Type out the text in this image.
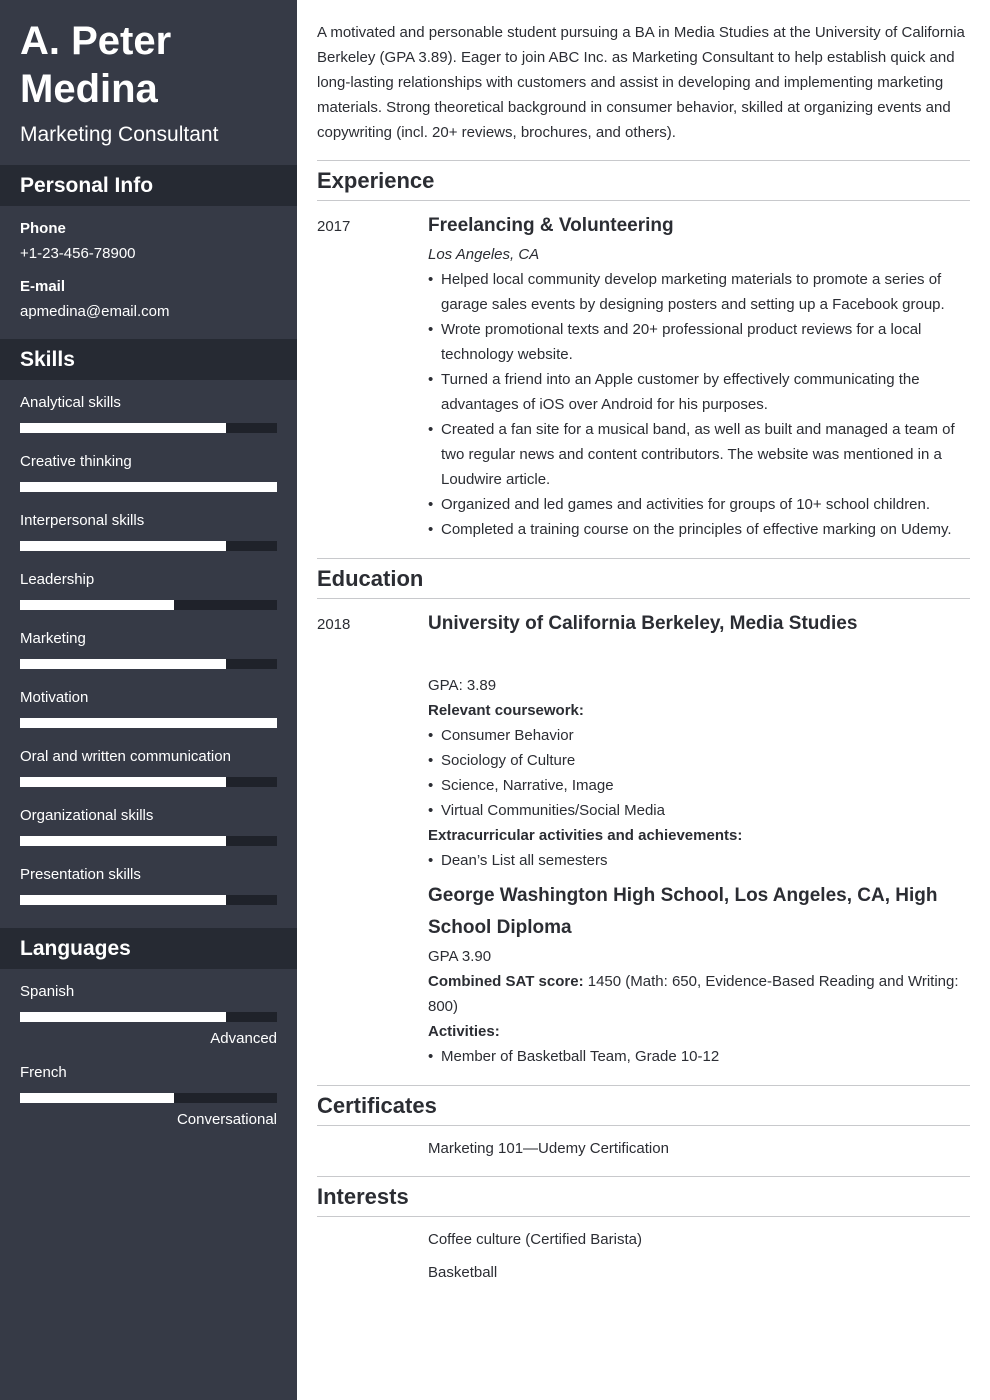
A. Peter Medina
Marketing Consultant
Personal Info
Phone
+1-23-456-78900
E-mail
apmedina@email.com
Skills
Analytical skills
Creative thinking
Interpersonal skills
Leadership
Marketing
Motivation
Oral and written communication
Organizational skills
Presentation skills
Languages
Spanish
Advanced
French
Conversational
A motivated and personable student pursuing a BA in Media Studies at the University of California Berkeley (GPA 3.89). Eager to join ABC Inc. as Marketing Consultant to help establish quick and long-lasting relationships with customers and assist in developing and implementing marketing materials. Strong theoretical background in consumer behavior, skilled at organizing events and copywriting (incl. 20+ reviews, brochures, and others).
Experience
2017	Freelancing & Volunteering
Los Angeles, CA
• Helped local community develop marketing materials to promote a series of garage sales events by designing posters and setting up a Facebook group.
• Wrote promotional texts and 20+ professional product reviews for a local technology website.
• Turned a friend into an Apple customer by effectively communicating the advantages of iOS over Android for his purposes.
• Created a fan site for a musical band, as well as built and managed a team of two regular news and content contributors. The website was mentioned in a Loudwire article.
• Organized and led games and activities for groups of 10+ school children.
• Completed a training course on the principles of effective marking on Udemy.
Education
2018	University of California Berkeley, Media Studies
GPA: 3.89
Relevant coursework:
• Consumer Behavior
• Sociology of Culture
• Science, Narrative, Image
• Virtual Communities/Social Media
Extracurricular activities and achievements:
• Dean’s List all semesters
George Washington High School, Los Angeles, CA, High School Diploma
GPA 3.90
Combined SAT score: 1450 (Math: 650, Evidence-Based Reading and Writing: 800)
Activities:
• Member of Basketball Team, Grade 10-12
Certificates
Marketing 101—Udemy Certification
Interests
Coffee culture (Certified Barista)
Basketball
